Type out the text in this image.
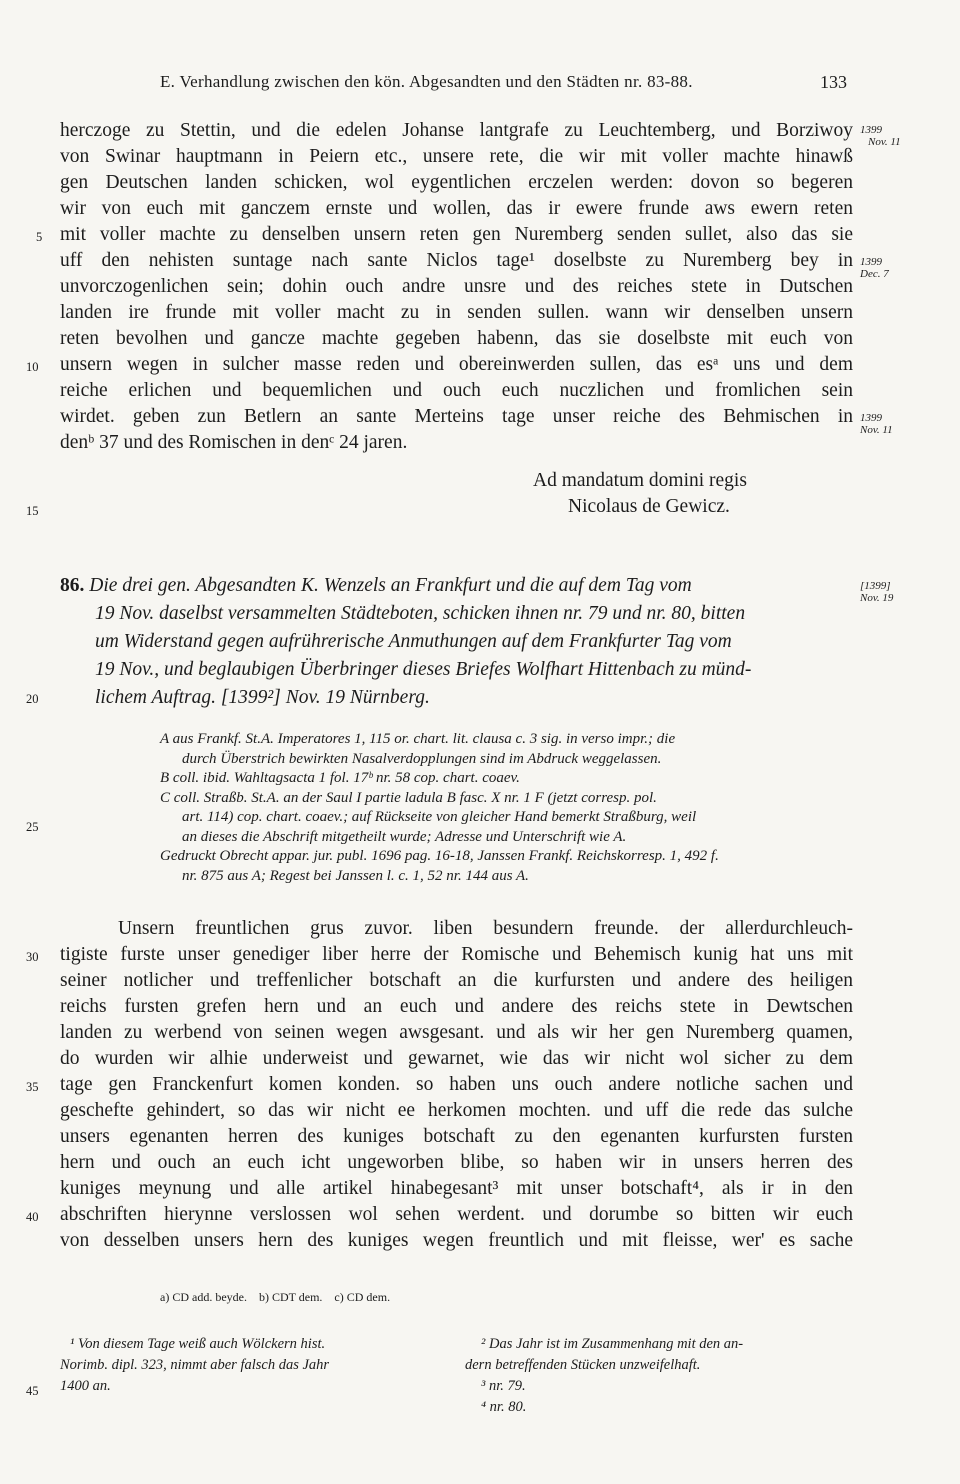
E. Verhandlung zwischen den kön. Abgesandten und den Städten nr. 83-88.	133
herczoge zu Stettin, und die edelen Johanse lantgrafe zu Leuchtemberg, und Borziwoy
von Swinar hauptmann in Peiern etc., unsere rete, die wir mit voller machte hinawß
gen Deutschen landen schicken, wol eygentlichen erczelen werden: dovon so begeren
wir von euch mit ganczem ernste und wollen, das ir ewere frunde aws ewern reten
mit voller machte zu denselben unsern reten gen Nuremberg senden sullet, also das sie
uff den nehisten suntage nach sante Niclos tage¹ doselbste zu Nuremberg bey in
unvorczogenlichen sein; dohin ouch andre unsre und des reiches stete in Dutschen
landen ire frunde mit voller macht zu in senden sullen. wann wir denselben unsern
reten bevolhen und gancze machte gegeben habenn, das sie doselbste mit euch von
unsern wegen in sulcher masse reden und obereinwerden sullen, das esᵃ uns und dem
reiche erlichen und bequemlichen und ouch euch nuczlichen und fromlichen sein
wirdet. geben zun Betlern an sante Merteins tage unser reiche des Behmischen in
denᵇ 37 und des Romischen in denᶜ 24 jaren.
Ad mandatum domini regis
Nicolaus de Gewicz.
86. Die drei gen. Abgesandten K. Wenzels an Frankfurt und die auf dem Tag vom
19 Nov. daselbst versammelten Städteboten, schicken ihnen nr. 79 und nr. 80, bitten
um Widerstand gegen aufrührerische Anmuthungen auf dem Frankfurter Tag vom
19 Nov., und beglaubigen Überbringer dieses Briefes Wolfhart Hittenbach zu münd-
lichem Auftrag. [1399²] Nov. 19 Nürnberg.
A aus Frankf. St.A. Imperatores 1, 115 or. chart. lit. clausa c. 3 sig. in verso impr.; die
durch Überstrich bewirkten Nasalverdopplungen sind im Abdruck weggelassen.
B coll. ibid. Wahltagsacta 1 fol. 17ᵇ nr. 58 cop. chart. coaev.
C coll. Straßb. St.A. an der Saul I partie ladula B fasc. X nr. 1 F (jetzt corresp. pol.
art. 114) cop. chart. coaev.; auf Rückseite von gleicher Hand bemerkt Straßburg, weil
an dieses die Abschrift mitgetheilt wurde; Adresse und Unterschrift wie A.
Gedruckt Obrecht appar. jur. publ. 1696 pag. 16-18, Janssen Frankf. Reichskorresp. 1, 492 f.
nr. 875 aus A; Regest bei Janssen l. c. 1, 52 nr. 144 aus A.
Unsern freuntlichen grus zuvor. liben besundern freunde. der allerdurchleuch-
tigiste furste unser genediger liber herre der Romische und Behemisch kunig hat uns mit
seiner notlicher und treffenlicher botschaft an die kurfursten und andere des heiligen
reichs fursten grefen hern und an euch und andere des reichs stete in Dewtschen
landen zu werbend von seinen wegen awsgesant. und als wir her gen Nuremberg quamen,
do wurden wir alhie underweist und gewarnet, wie das wir nicht wol sicher zu dem
tage gen Franckenfurt komen konden. so haben uns ouch andere notliche sachen und
geschefte gehindert, so das wir nicht ee herkomen mochten. und uff die rede das sulche
unsers egenanten herren des kuniges botschaft zu den egenanten kurfursten fursten
hern und ouch an euch icht ungeworben blibe, so haben wir in unsers herren des
kuniges meynung und alle artikel hinabegesant³ mit unser botschaft⁴, als ir in den
abschriften hierynne verslossen wol sehen werdent. und dorumbe so bitten wir euch
von desselben unsers hern des kuniges wegen freuntlich und mit fleisse, wer' es sache
a) CD add. beyde.    b) CDT dem.    c) CD dem.
¹ Von diesem Tage weiß auch Wölckern hist.
Norimb. dipl. 323, nimmt aber falsch das Jahr
1400 an.
² Das Jahr ist im Zusammenhang mit den an-
dern betreffenden Stücken unzweifelhaft.
³ nr. 79.
⁴ nr. 80.
5
10
15
20
25
30
35
40
45
1399
Nov. 11
1399
Dec. 7
1399
Nov. 11
[1399]
Nov. 19
